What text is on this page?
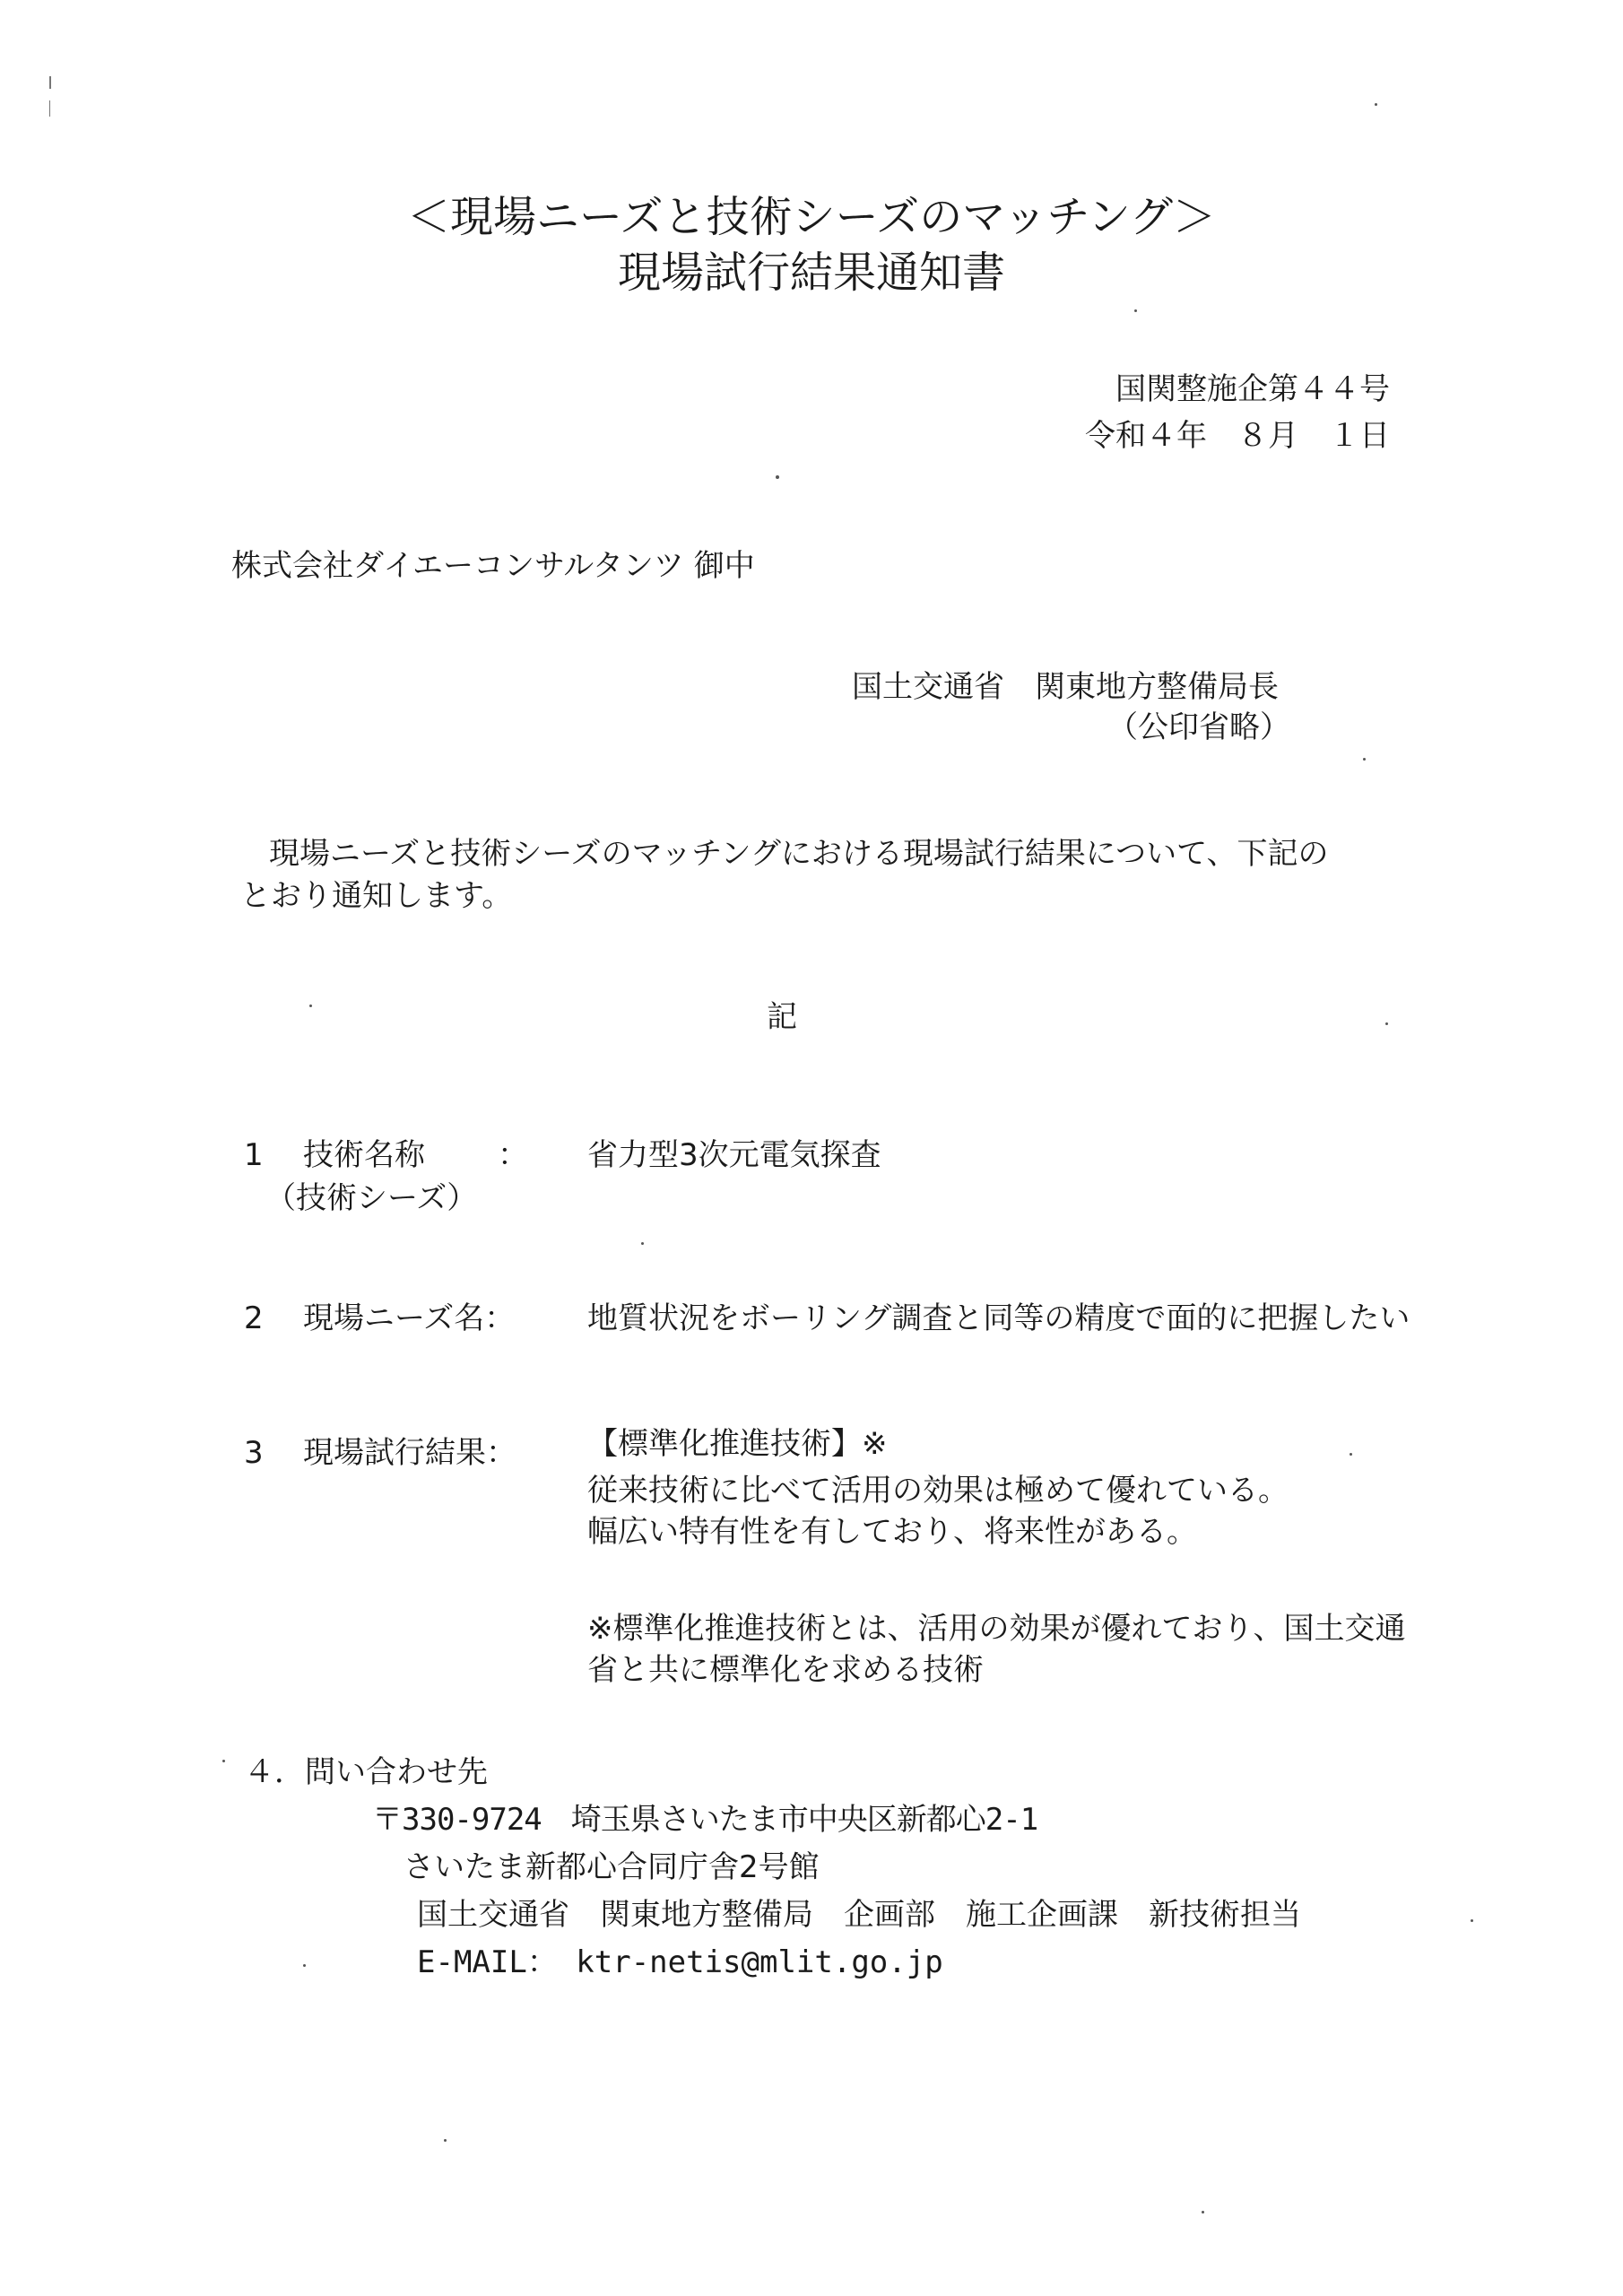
＜現場ニーズと技術シーズのマッチング＞
現場試行結果通知書
国関整施企第４４号
令和４年　８月　１日
株式会社ダイエーコンサルタンツ 御中
国土交通省　関東地方整備局長
（公印省略）
現場ニーズと技術シーズのマッチングにおける現場試行結果について、下記の
とおり通知します。
記
1 技術名称 ：
（技術シーズ）
省力型3次元電気探査
2 現場ニーズ名： 地質状況をボーリング調査と同等の精度で面的に把握したい
3 現場試行結果： 【標準化推進技術】※
従来技術に比べて活用の効果は極めて優れている。
幅広い特有性を有しており、将来性がある。
※標準化推進技術とは、活用の効果が優れており、国土交通
省と共に標準化を求める技術
４．問い合わせ先
〒330-9724　埼玉県さいたま市中央区新都心2-1
さいたま新都心合同庁舎2号館
国土交通省　関東地方整備局　企画部　施工企画課　新技術担当
E-MAIL： ktr-netis@mlit.go.jp
